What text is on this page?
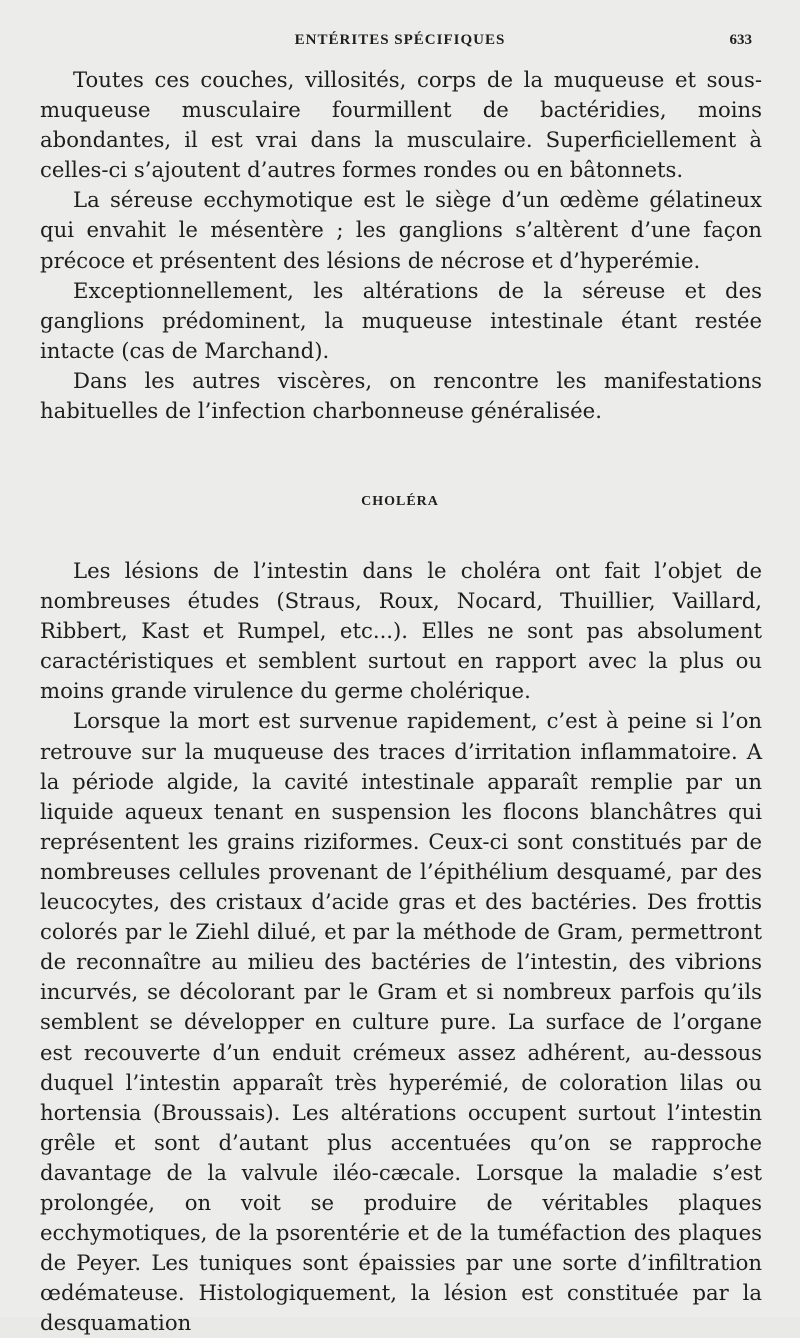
ENTÉRITES SPÉCIFIQUES	633

Toutes ces couches, villosités, corps de la muqueuse et sous-muqueuse musculaire fourmillent de bactéridies, moins abondantes, il est vrai dans la musculaire. Superficiellement à celles-ci s’ajoutent d’autres formes rondes ou en bâtonnets.

La séreuse ecchymotique est le siège d’un œdème gélatineux qui envahit le mésentère ; les ganglions s’altèrent d’une façon précoce et présentent des lésions de nécrose et d’hyperémie.

Exceptionnellement, les altérations de la séreuse et des ganglions prédominent, la muqueuse intestinale étant restée intacte (cas de Marchand).

Dans les autres viscères, on rencontre les manifestations habituelles de l’infection charbonneuse généralisée.

CHOLÉRA

Les lésions de l’intestin dans le choléra ont fait l’objet de nombreuses études (Straus, Roux, Nocard, Thuillier, Vaillard, Ribbert, Kast et Rumpel, etc...). Elles ne sont pas absolument caractéristiques et semblent surtout en rapport avec la plus ou moins grande virulence du germe cholérique.

Lorsque la mort est survenue rapidement, c’est à peine si l’on retrouve sur la muqueuse des traces d’irritation inflammatoire. A la période algide, la cavité intestinale apparaît remplie par un liquide aqueux tenant en suspension les flocons blanchâtres qui représentent les grains riziformes. Ceux-ci sont constitués par de nombreuses cellules provenant de l’épithélium desquamé, par des leucocytes, des cristaux d’acide gras et des bactéries. Des frottis colorés par le Ziehl dilué, et par la méthode de Gram, permettront de reconnaître au milieu des bactéries de l’intestin, des vibrions incurvés, se décolorant par le Gram et si nombreux parfois qu’ils semblent se développer en culture pure. La surface de l’organe est recouverte d’un enduit crémeux assez adhérent, au-dessous duquel l’intestin apparaît très hyperémié, de coloration lilas ou hortensia (Broussais). Les altérations occupent surtout l’intestin grêle et sont d’autant plus accentuées qu’on se rapproche davantage de la valvule iléo-cæcale. Lorsque la maladie s’est prolongée, on voit se produire de véritables plaques ecchymotiques, de la psorentérie et de la tuméfaction des plaques de Peyer. Les tuniques sont épaissies par une sorte d’infiltration œdémateuse. Histologiquement, la lésion est constituée par la desquamation
